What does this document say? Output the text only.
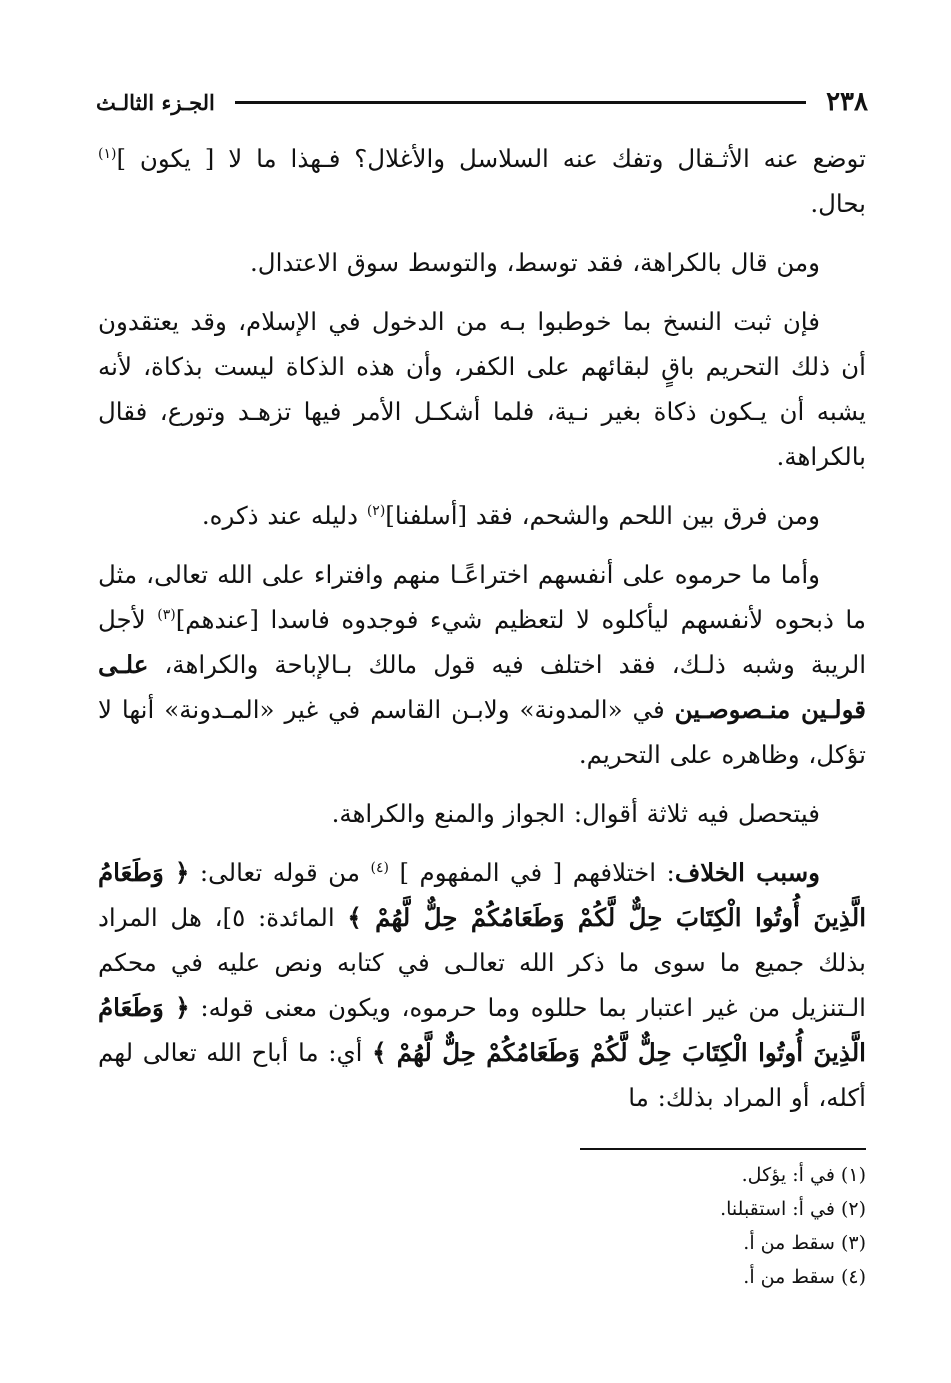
٢٣٨
الجـزء الثالـث

توضع عنه الأثـقال وتفك عنه السلاسل والأغلال؟ فـهذا ما لا [ يكون ]$^{(١)}$ بحال.

ومن قال بالكراهة، فقد توسط، والتوسط سوق الاعتدال.

فإن ثبت النسخ بما خوطبوا بـه من الدخول في الإسلام، وقد يعتقدون أن ذلك التحريم باقٍ لبقائهم على الكفر، وأن هذه الذكاة ليست بذكاة، لأنه يشبه أن يـكون ذكاة بغير نـية، فلما أشكـل الأمر فيها تزهـد وتورع، فقال بالكراهة.

ومن فرق بين اللحم والشحم، فقد [أسلفنا]$^{(٢)}$ دليله عند ذكره.

وأما ما حرموه على أنفسهم اختراعًـا منهم وافتراء على الله تعالى، مثل ما ذبحوه لأنفسهم ليأكلوه لا لتعظيم شيء فوجدوه فاسدا [عندهم]$^{(٣)}$ لأجل الريبة وشبه ذلـك، فقد اختلف فيه قول مالك بـالإباحة والكراهة، علـى قولـين منـصوصـين في «المدونة» ولابـن القاسم في غير «المـدونة» أنها لا تؤكل، وظاهره على التحريم.

فيتحصل فيه ثلاثة أقوال: الجواز والمنع والكراهة.

وسبب الخلاف: اختلافهم [ في المفهوم ] $^{(٤)}$ من قوله تعالى: ﴿ وَطَعَامُ الَّذِينَ أُوتُوا الْكِتَابَ حِلٌّ لَّكُمْ وَطَعَامُكُمْ حِلٌّ لَّهُمْ ﴾ المائدة: ٥]، هل المراد بذلك جميع ما سوى ما ذكر الله تعالـى في كتابه ونص عليه في محكم الـتنزيل من غير اعتبار بما حللوه وما حرموه، ويكون معنى قوله: ﴿ وَطَعَامُ الَّذِينَ أُوتُوا الْكِتَابَ حِلٌّ لَّكُمْ وَطَعَامُكُمْ حِلٌّ لَّهُمْ ﴾ أي: ما أباح الله تعالى لهم أكله، أو المراد بذلك: ما

(١) في أ: يؤكل.

(٢) في أ: استقبلنا.

(٣) سقط من أ.

(٤) سقط من أ.
